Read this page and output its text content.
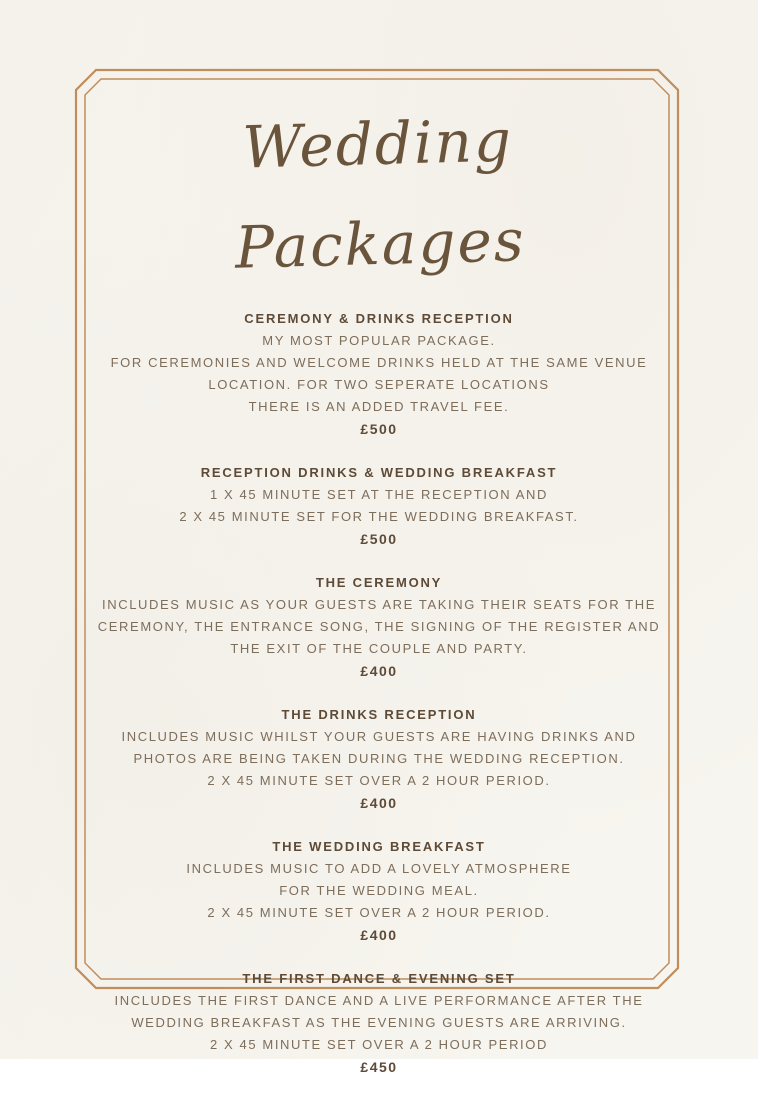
Wedding Packages
CEREMONY & DRINKS RECEPTION
MY MOST POPULAR PACKAGE.
FOR CEREMONIES AND WELCOME DRINKS HELD AT THE SAME VENUE
LOCATION. FOR TWO SEPERATE LOCATIONS
THERE IS AN ADDED TRAVEL FEE.
£500
RECEPTION DRINKS & WEDDING BREAKFAST
1 X 45 MINUTE SET AT THE RECEPTION AND
2 X 45 MINUTE SET FOR THE WEDDING BREAKFAST.
£500
THE CEREMONY
INCLUDES MUSIC AS YOUR GUESTS ARE TAKING THEIR SEATS FOR THE
CEREMONY, THE ENTRANCE SONG, THE SIGNING OF THE REGISTER AND
THE EXIT OF THE COUPLE AND PARTY.
£400
THE DRINKS RECEPTION
INCLUDES MUSIC WHILST YOUR GUESTS ARE HAVING DRINKS AND
PHOTOS ARE BEING TAKEN DURING THE WEDDING RECEPTION.
2 X 45 MINUTE SET OVER A 2 HOUR PERIOD.
£400
THE WEDDING BREAKFAST
INCLUDES MUSIC TO ADD A LOVELY ATMOSPHERE
FOR THE WEDDING MEAL.
2 X 45 MINUTE SET OVER A 2 HOUR PERIOD.
£400
THE FIRST DANCE & EVENING SET
INCLUDES THE FIRST DANCE AND A LIVE PERFORMANCE AFTER THE
WEDDING BREAKFAST AS THE EVENING GUESTS ARE ARRIVING.
2 X 45 MINUTE SET OVER A 2 HOUR PERIOD
£450
